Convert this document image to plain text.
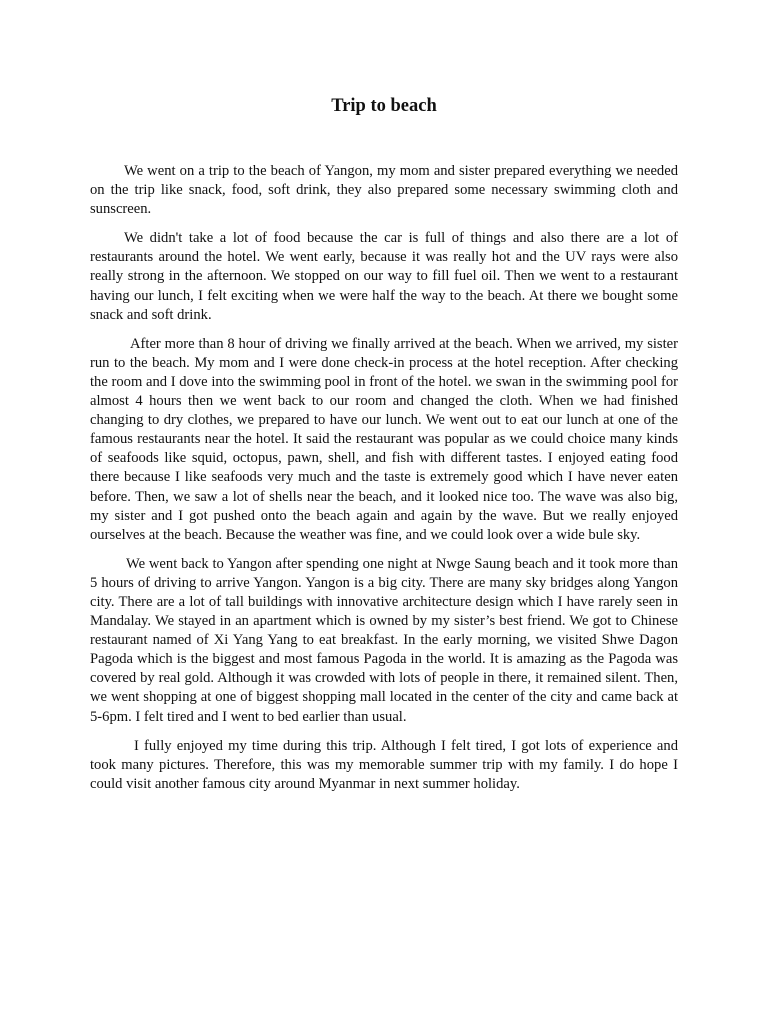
Trip to beach

We went on a trip to the beach of Yangon, my mom and sister prepared everything we needed on the trip like snack, food, soft drink, they also prepared some necessary swimming cloth and sunscreen.

We didn't take a lot of food because the car is full of things and also there are a lot of restaurants around the hotel. We went early, because it was really hot and the UV rays were also really strong in the afternoon. We stopped on our way to fill fuel oil. Then we went to a restaurant having our lunch, I felt exciting when we were half the way to the beach. At there we bought some snack and soft drink.

After more than 8 hour of driving we finally arrived at the beach. When we arrived, my sister run to the beach. My mom and I were done check-in process at the hotel reception. After checking the room and I dove into the swimming pool in front of the hotel. we swan in the swimming pool for almost 4 hours then we went back to our room and changed the cloth. When we had finished changing to dry clothes, we prepared to have our lunch. We went out to eat our lunch at one of the famous restaurants near the hotel. It said the restaurant was popular as we could choice many kinds of seafoods like squid, octopus, pawn, shell, and fish with different tastes. I enjoyed eating food there because I like seafoods very much and the taste is extremely good which I have never eaten before. Then, we saw a lot of shells near the beach, and it looked nice too. The wave was also big, my sister and I got pushed onto the beach again and again by the wave. But we really enjoyed ourselves at the beach. Because the weather was fine, and we could look over a wide bule sky.

We went back to Yangon after spending one night at Nwge Saung beach and it took more than 5 hours of driving to arrive Yangon. Yangon is a big city. There are many sky bridges along Yangon city. There are a lot of tall buildings with innovative architecture design which I have rarely seen in Mandalay. We stayed in an apartment which is owned by my sister’s best friend. We got to Chinese restaurant named of Xi Yang Yang to eat breakfast. In the early morning, we visited Shwe Dagon Pagoda which is the biggest and most famous Pagoda in the world. It is amazing as the Pagoda was covered by real gold. Although it was crowded with lots of people in there, it remained silent. Then, we went shopping at one of biggest shopping mall located in the center of the city and came back at 5-6pm. I felt tired and I went to bed earlier than usual.

I fully enjoyed my time during this trip. Although I felt tired, I got lots of experience and took many pictures. Therefore, this was my memorable summer trip with my family. I do hope I could visit another famous city around Myanmar in next summer holiday.
